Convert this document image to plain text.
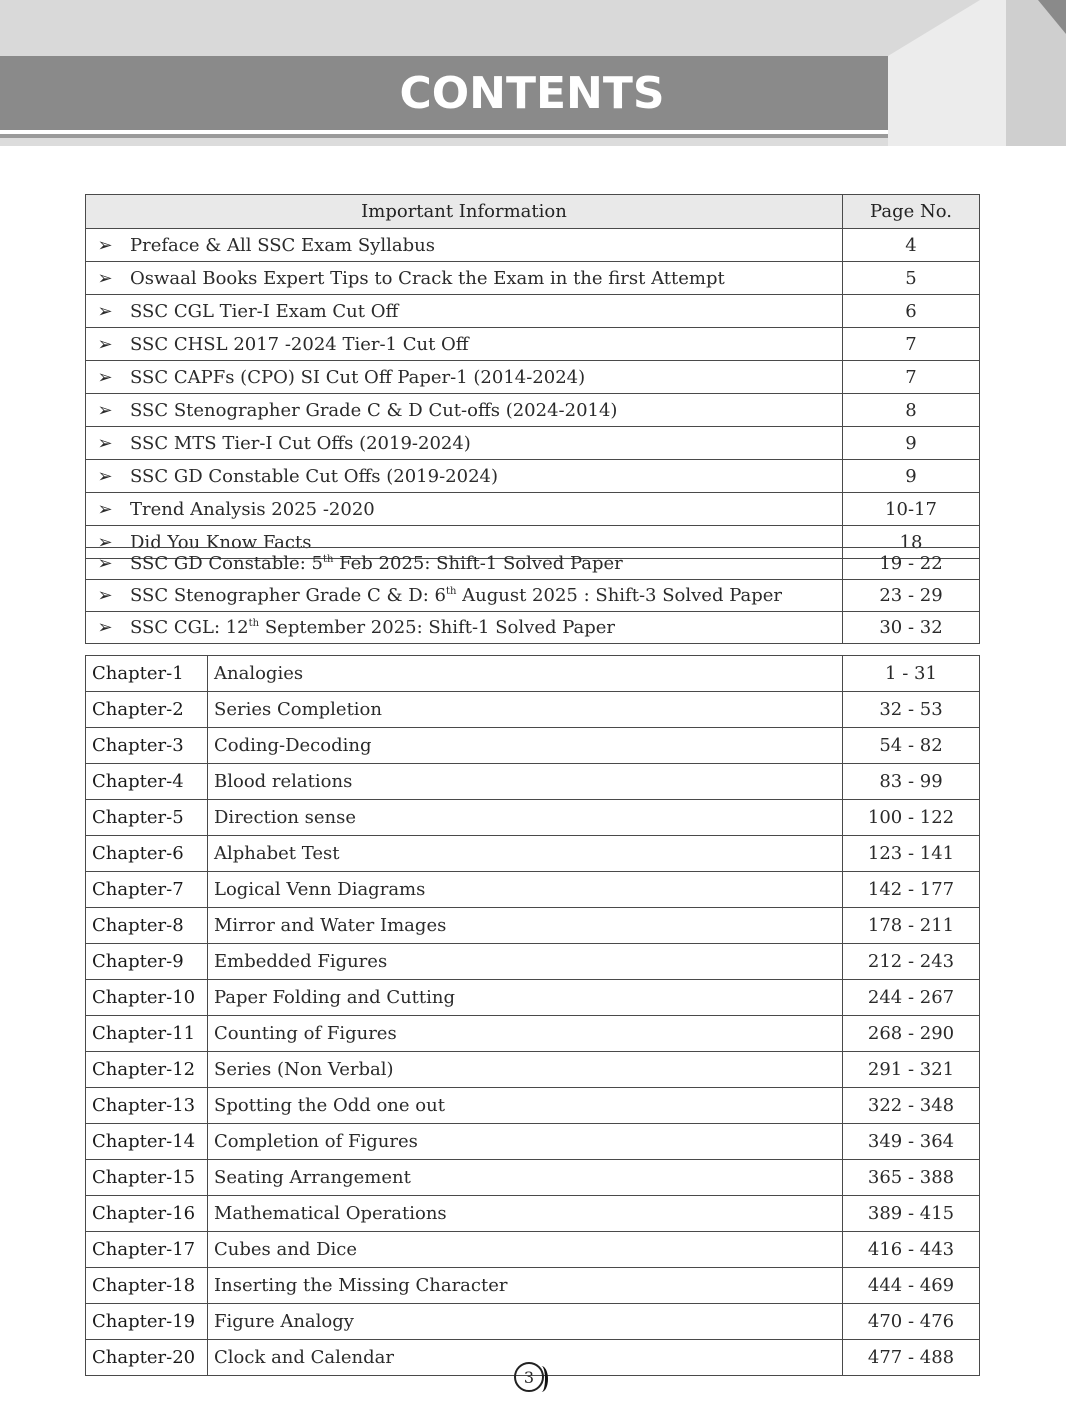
CONTENTS
Important Information		Page No.
➢	Preface & All SSC Exam Syllabus	4
➢	Oswaal Books Expert Tips to Crack the Exam in the first Attempt	5
➢	SSC CGL Tier-I Exam Cut Off	6
➢	SSC CHSL 2017 -2024 Tier-1 Cut Off	7
➢	SSC CAPFs (CPO) SI Cut Off Paper-1 (2014-2024)	7
➢	SSC Stenographer Grade C & D Cut-offs (2024-2014)	8
➢	SSC MTS Tier-I Cut Offs (2019-2024)	9
➢	SSC GD Constable Cut Offs (2019-2024)	9
➢	Trend Analysis 2025 -2020	10-17
➢	Did You Know Facts	18
➢	SSC GD Constable: 5th Feb 2025: Shift-1 Solved Paper	19 - 22
➢	SSC Stenographer Grade C & D: 6th August 2025 : Shift-3 Solved Paper	23 - 29
➢	SSC CGL: 12th September 2025: Shift-1 Solved Paper	30 - 32
Chapter-1	Analogies	1 - 31
Chapter-2	Series Completion	32 - 53
Chapter-3	Coding-Decoding	54 - 82
Chapter-4	Blood relations	83 - 99
Chapter-5	Direction sense	100 - 122
Chapter-6	Alphabet Test	123 - 141
Chapter-7	Logical Venn Diagrams	142 - 177
Chapter-8	Mirror and Water Images	178 - 211
Chapter-9	Embedded Figures	212 - 243
Chapter-10	Paper Folding and Cutting	244 - 267
Chapter-11	Counting of Figures	268 - 290
Chapter-12	Series (Non Verbal)	291 - 321
Chapter-13	Spotting the Odd one out	322 - 348
Chapter-14	Completion of Figures	349 - 364
Chapter-15	Seating Arrangement	365 - 388
Chapter-16	Mathematical Operations	389 - 415
Chapter-17	Cubes and Dice	416 - 443
Chapter-18	Inserting the Missing Character	444 - 469
Chapter-19	Figure Analogy	470 - 476
Chapter-20	Clock and Calendar	477 - 488
3
